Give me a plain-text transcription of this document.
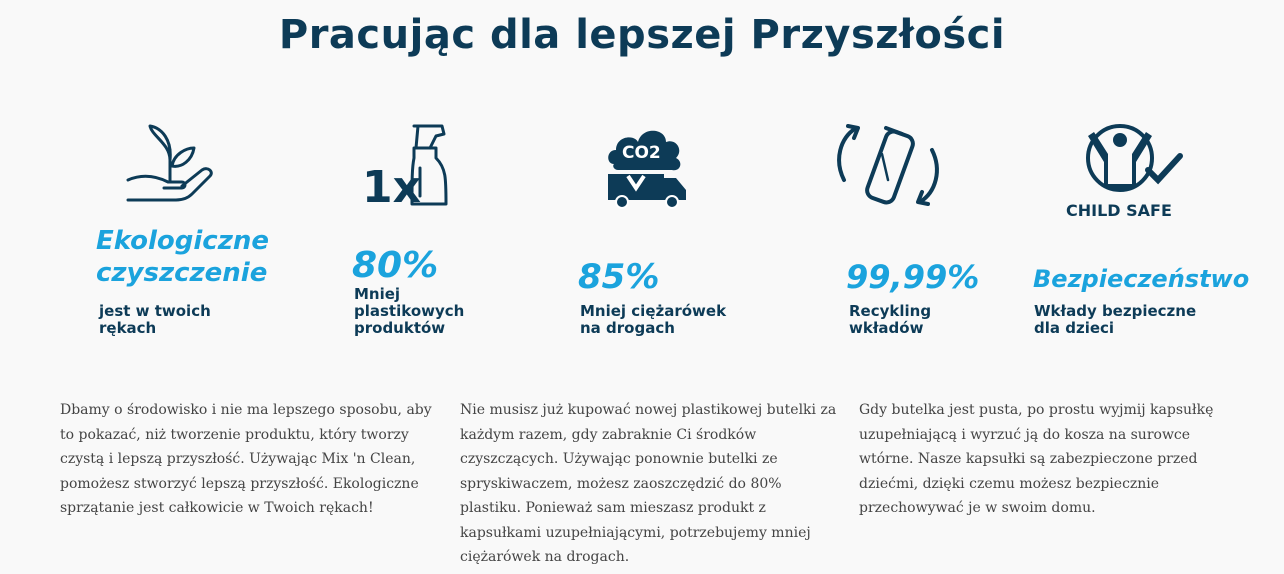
Pracując dla lepszej Przyszłości
Ekologiczne
czyszczenie
jest w twoich
rękach
1x
80%
Mniej
plastikowych
produktów
CO2
85%
Mniej ciężarówek
na drogach
99,99%
Recykling
wkładów
CHILD SAFE
Bezpieczeństwo
Wkłady bezpieczne
dla dzieci

Dbamy o środowisko i nie ma lepszego sposobu, aby to pokazać, niż tworzenie produktu, który tworzy czystą i lepszą przyszłość. Używając Mix 'n Clean, pomożesz stworzyć lepszą przyszłość. Ekologiczne sprzątanie jest całkowicie w Twoich rękach!

Nie musisz już kupować nowej plastikowej butelki za każdym razem, gdy zabraknie Ci środków czyszczących. Używając ponownie butelki ze spryskiwaczem, możesz zaoszczędzić do 80% plastiku. Ponieważ sam mieszasz produkt z kapsułkami uzupełniającymi, potrzebujemy mniej ciężarówek na drogach.

Gdy butelka jest pusta, po prostu wyjmij kapsułkę uzupełniającą i wyrzuć ją do kosza na surowce wtórne. Nasze kapsułki są zabezpieczone przed dziećmi, dzięki czemu możesz bezpiecznie przechowywać je w swoim domu.
